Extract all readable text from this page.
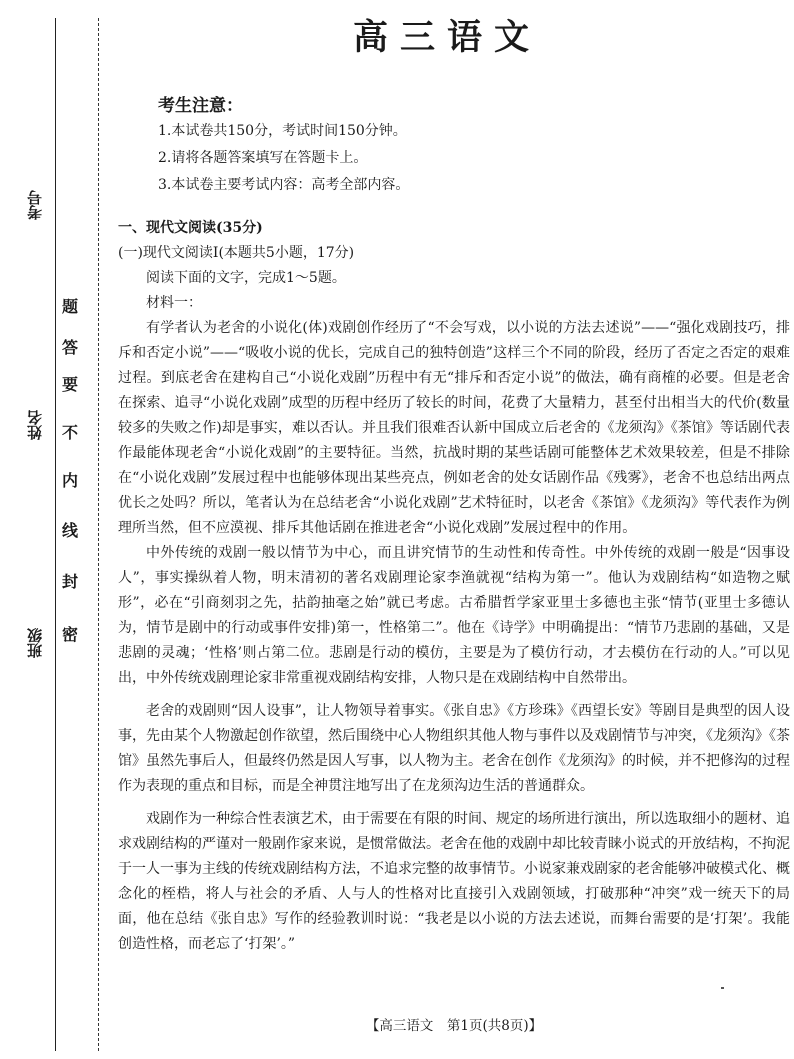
考号
姓名
班级 密
封
线
内
不
要
答
题
高三语文
考生注意：
1.本试卷共150分，考试时间150分钟。
2.请将各题答案填写在答题卡上。
3.本试卷主要考试内容：高考全部内容。

一、现代文阅读(35分)

(一)现代文阅读Ⅰ(本题共5小题，17分)

阅读下面的文字，完成1～5题。

材料一：

有学者认为老舍的小说化(体)戏剧创作经历了“不会写戏，以小说的方法去述说”——“强化戏剧技巧，排斥和否定小说”——“吸收小说的优长，完成自己的独特创造”这样三个不同的阶段，经历了否定之否定的艰难过程。到底老舍在建构自己“小说化戏剧”历程中有无“排斥和否定小说”的做法，确有商榷的必要。但是老舍在探索、追寻“小说化戏剧”成型的历程中经历了较长的时间，花费了大量精力，甚至付出相当大的代价(数量较多的失败之作)却是事实，难以否认。并且我们很难否认新中国成立后老舍的《龙须沟》《茶馆》等话剧代表作最能体现老舍“小说化戏剧”的主要特征。当然，抗战时期的某些话剧可能整体艺术效果较差，但是不排除在“小说化戏剧”发展过程中也能够体现出某些亮点，例如老舍的处女话剧作品《残雾》，老舍不也总结出两点优长之处吗？所以，笔者认为在总结老舍“小说化戏剧”艺术特征时，以老舍《茶馆》《龙须沟》等代表作为例理所当然，但不应漠视、排斥其他话剧在推进老舍“小说化戏剧”发展过程中的作用。

中外传统的戏剧一般以情节为中心，而且讲究情节的生动性和传奇性。中外传统的戏剧一般是“因事设人”，事实操纵着人物，明末清初的著名戏剧理论家李渔就视“结构为第一”。他认为戏剧结构“如造物之赋形”，必在“引商刻羽之先，拈韵抽毫之始”就已考虑。古希腊哲学家亚里士多德也主张“情节(亚里士多德认为，情节是剧中的行动或事件安排)第一，性格第二”。他在《诗学》中明确提出：“情节乃悲剧的基础，又是悲剧的灵魂；‘性格’则占第二位。悲剧是行动的模仿，主要是为了模仿行动，才去模仿在行动的人。”可以见出，中外传统戏剧理论家非常重视戏剧结构安排，人物只是在戏剧结构中自然带出。

老舍的戏剧则“因人设事”，让人物领导着事实。《张自忠》《方珍珠》《西望长安》等剧目是典型的因人设事，先由某个人物激起创作欲望，然后围绕中心人物组织其他人物与事件以及戏剧情节与冲突，《龙须沟》《茶馆》虽然先事后人，但最终仍然是因人写事，以人物为主。老舍在创作《龙须沟》的时候，并不把修沟的过程作为表现的重点和目标，而是全神贯注地写出了在龙须沟边生活的普通群众。

戏剧作为一种综合性表演艺术，由于需要在有限的时间、规定的场所进行演出，所以选取细小的题材、追求戏剧结构的严谨对一般剧作家来说，是惯常做法。老舍在他的戏剧中却比较青睐小说式的开放结构，不拘泥于一人一事为主线的传统戏剧结构方法，不追求完整的故事情节。小说家兼戏剧家的老舍能够冲破模式化、概念化的桎梏，将人与社会的矛盾、人与人的性格对比直接引入戏剧领域，打破那种“冲突”戏一统天下的局面，他在总结《张自忠》写作的经验教训时说：“我老是以小说的方法去述说，而舞台需要的是‘打架’。我能创造性格，而老忘了‘打架’。”

【高三语文　第1页(共8页)】
